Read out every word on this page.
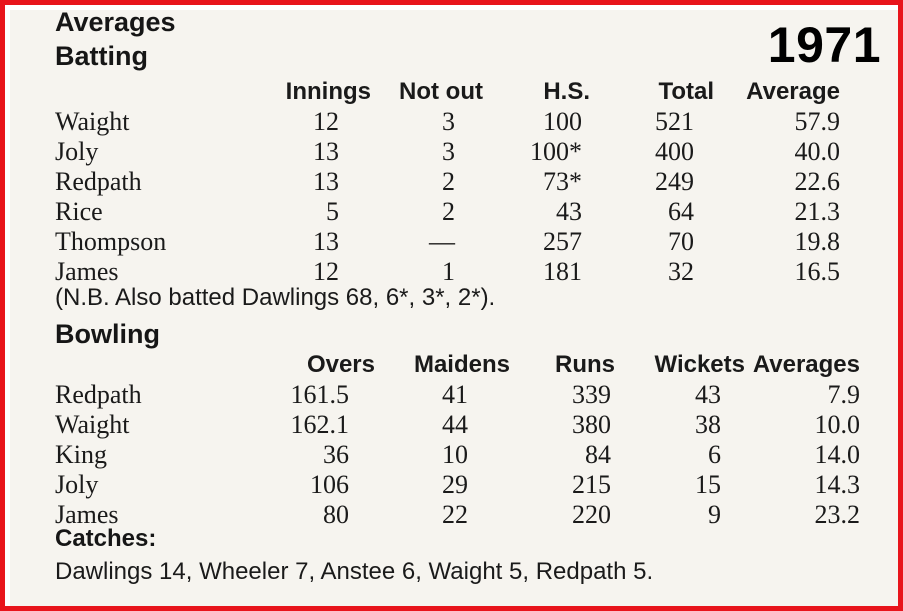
Averages	1971
Batting
	Innings	Not out	H.S.	Total	Average
Waight	12	3	100	521	57.9
Joly	13	3	100*	400	40.0
Redpath	13	2	73*	249	22.6
Rice	5	2	43	64	21.3
Thompson	13	—	257	70	19.8
James	12	1	181	32	16.5
(N.B. Also batted Dawlings 68, 6*, 3*, 2*).
Bowling
	Overs	Maidens	Runs	Wickets	Averages
Redpath	161.5	41	339	43	7.9
Waight	162.1	44	380	38	10.0
King	36	10	84	6	14.0
Joly	106	29	215	15	14.3
James	80	22	220	9	23.2
Catches:
Dawlings 14, Wheeler 7, Anstee 6, Waight 5, Redpath 5.
